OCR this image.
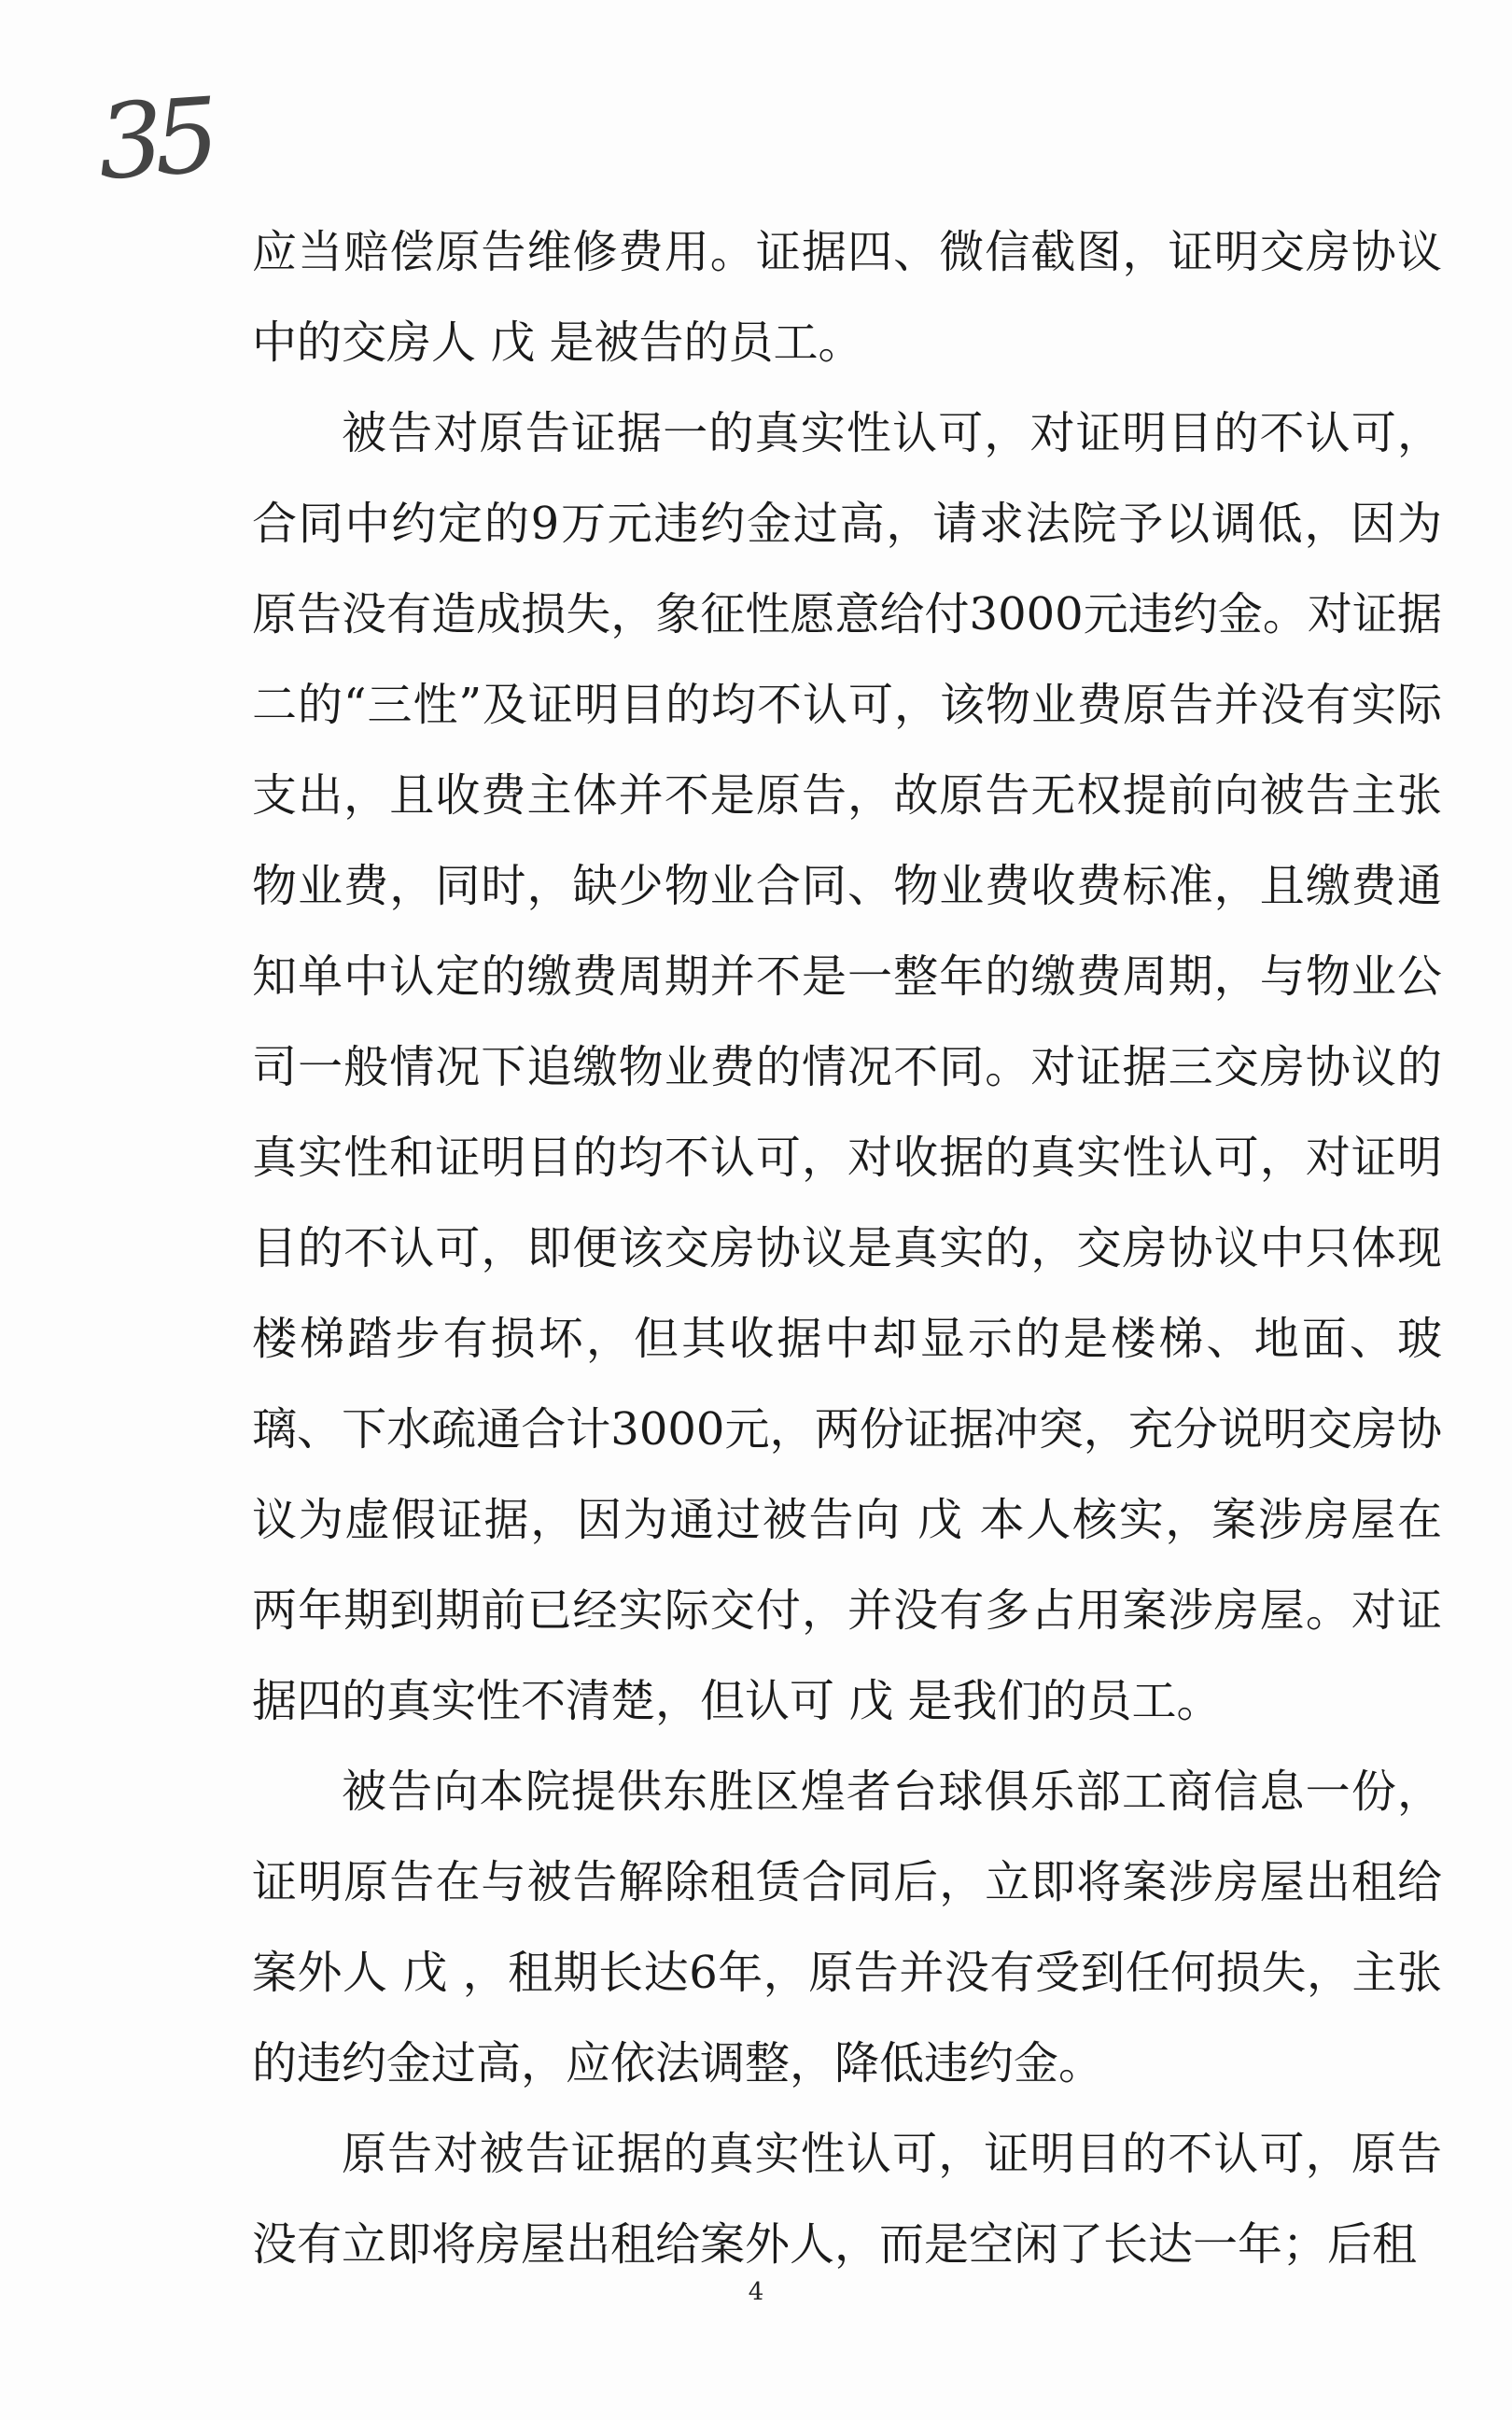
35

应当赔偿原告维修费用。证据四、微信截图，证明交房协议中的交房人 戊 是被告的员工。

被告对原告证据一的真实性认可，对证明目的不认可，合同中约定的9万元违约金过高，请求法院予以调低，因为原告没有造成损失，象征性愿意给付3000元违约金。对证据二的“三性”及证明目的均不认可，该物业费原告并没有实际支出，且收费主体并不是原告，故原告无权提前向被告主张物业费，同时，缺少物业合同、物业费收费标准，且缴费通知单中认定的缴费周期并不是一整年的缴费周期，与物业公司一般情况下追缴物业费的情况不同。对证据三交房协议的真实性和证明目的均不认可，对收据的真实性认可，对证明目的不认可，即便该交房协议是真实的，交房协议中只体现楼梯踏步有损坏，但其收据中却显示的是楼梯、地面、玻璃、下水疏通合计3000元，两份证据冲突，充分说明交房协议为虚假证据，因为通过被告向 戊 本人核实，案涉房屋在两年期到期前已经实际交付，并没有多占用案涉房屋。对证据四的真实性不清楚，但认可 戊 是我们的员工。

被告向本院提供东胜区煌者台球俱乐部工商信息一份，证明原告在与被告解除租赁合同后，立即将案涉房屋出租给案外人 戊 ，租期长达6年，原告并没有受到任何损失，主张的违约金过高，应依法调整，降低违约金。

原告对被告证据的真实性认可，证明目的不认可，原告没有立即将房屋出租给案外人，而是空闲了长达一年；后租

4
